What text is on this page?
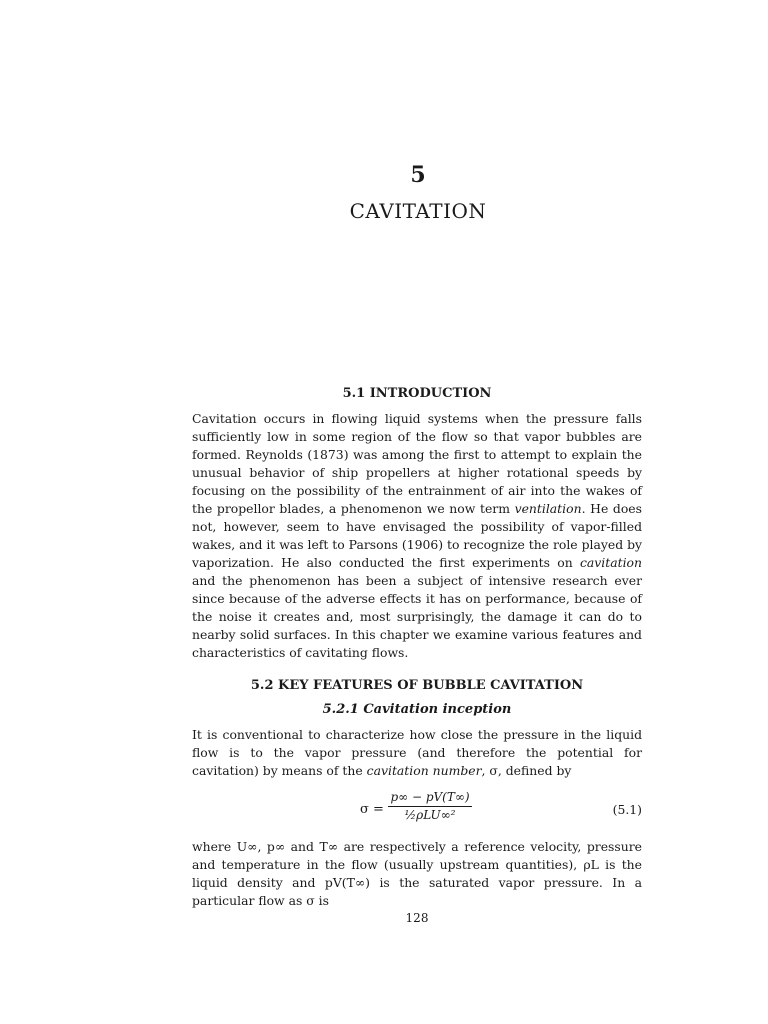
5
CAVITATION
5.1 INTRODUCTION
Cavitation occurs in flowing liquid systems when the pressure falls sufficiently low in some region of the flow so that vapor bubbles are formed. Reynolds (1873) was among the first to attempt to explain the unusual behavior of ship propellers at higher rotational speeds by focusing on the possibility of the entrainment of air into the wakes of the propellor blades, a phenomenon we now term ventilation. He does not, however, seem to have envisaged the possibility of vapor-filled wakes, and it was left to Parsons (1906) to recognize the role played by vaporization. He also conducted the first experiments on cavitation and the phenomenon has been a subject of intensive research ever since because of the adverse effects it has on performance, because of the noise it creates and, most surprisingly, the damage it can do to nearby solid surfaces. In this chapter we examine various features and characteristics of cavitating flows.
5.2 KEY FEATURES OF BUBBLE CAVITATION
5.2.1 Cavitation inception
It is conventional to characterize how close the pressure in the liquid flow is to the vapor pressure (and therefore the potential for cavitation) by means of the cavitation number, σ, defined by
σ =
p∞ − pV(T∞)
½ρLU∞²	(5.1)
where U∞, p∞ and T∞ are respectively a reference velocity, pressure and temperature in the flow (usually upstream quantities), ρL is the liquid density and pV(T∞) is the saturated vapor pressure. In a particular flow as σ is
128
